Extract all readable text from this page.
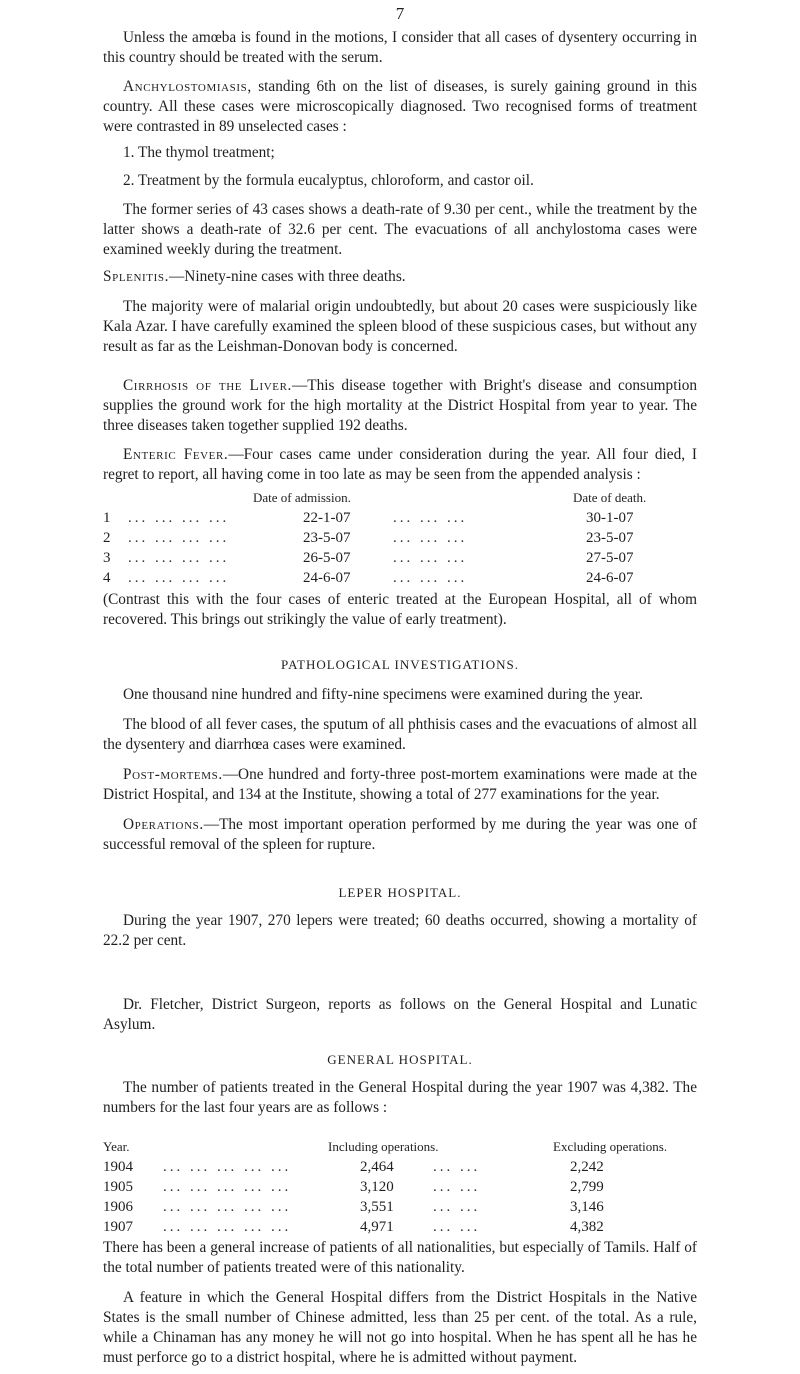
7

Unless the amœba is found in the motions, I consider that all cases of dysentery occurring in this country should be treated with the serum.

Anchylostomiasis, standing 6th on the list of diseases, is surely gaining ground in this country. All these cases were microscopically diagnosed. Two recognised forms of treatment were contrasted in 89 unselected cases :

1. The thymol treatment;

2. Treatment by the formula eucalyptus, chloroform, and castor oil.

The former series of 43 cases shows a death-rate of 9.30 per cent., while the treatment by the latter shows a death-rate of 32.6 per cent. The evacuations of all anchylostoma cases were examined weekly during the treatment.

Splenitis.—Ninety-nine cases with three deaths.

The majority were of malarial origin undoubtedly, but about 20 cases were suspiciously like Kala Azar. I have carefully examined the spleen blood of these suspicious cases, but without any result as far as the Leishman-Donovan body is concerned.

Cirrhosis of the Liver.—This disease together with Bright's disease and consumption supplies the ground work for the high mortality at the District Hospital from year to year. The three diseases taken together supplied 192 deaths.

Enteric Fever.—Four cases came under consideration during the year. All four died, I regret to report, all having come in too late as may be seen from the appended analysis :

Date of admission.	Date of death.
1 ... ... ... ...	22-1-07	... ... ...	30-1-07
2 ... ... ... ...	23-5-07	... ... ...	23-5-07
3 ... ... ... ...	26-5-07	... ... ...	27-5-07
4 ... ... ... ...	24-6-07	... ... ...	24-6-07

(Contrast this with the four cases of enteric treated at the European Hospital, all of whom recovered. This brings out strikingly the value of early treatment).

PATHOLOGICAL INVESTIGATIONS.

One thousand nine hundred and fifty-nine specimens were examined during the year.

The blood of all fever cases, the sputum of all phthisis cases and the evacuations of almost all the dysentery and diarrhœa cases were examined.

Post-mortems.—One hundred and forty-three post-mortem examinations were made at the District Hospital, and 134 at the Institute, showing a total of 277 examinations for the year.

Operations.—The most important operation performed by me during the year was one of successful removal of the spleen for rupture.

LEPER HOSPITAL.

During the year 1907, 270 lepers were treated; 60 deaths occurred, showing a mortality of 22.2 per cent.

Dr. Fletcher, District Surgeon, reports as follows on the General Hospital and Lunatic Asylum.

GENERAL HOSPITAL.

The number of patients treated in the General Hospital during the year 1907 was 4,382. The numbers for the last four years are as follows :

Year.	Including operations.	Excluding operations.
1904 ... ... ... ... ...	2,464	... ...	2,242
1905 ... ... ... ... ...	3,120	... ...	2,799
1906 ... ... ... ... ...	3,551	... ...	3,146
1907 ... ... ... ... ...	4,971	... ...	4,382

There has been a general increase of patients of all nationalities, but especially of Tamils. Half of the total number of patients treated were of this nationality.

A feature in which the General Hospital differs from the District Hospitals in the Native States is the small number of Chinese admitted, less than 25 per cent. of the total. As a rule, while a Chinaman has any money he will not go into hospital. When he has spent all he has he must perforce go to a district hospital, where he is admitted without payment.
